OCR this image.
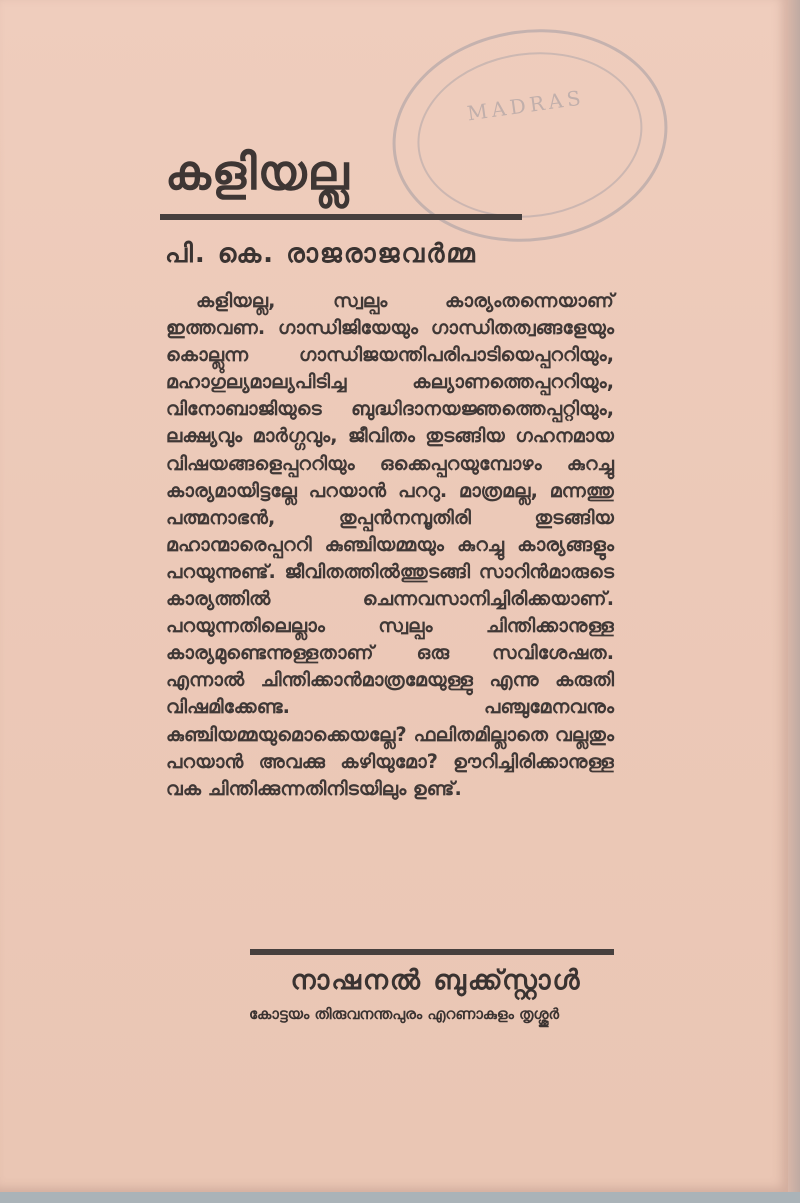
MADRAS
കളിയല്ല
പി. കെ. രാജരാജവർമ്മ

കളിയല്ല, സ്വല്പം കാര്യംതന്നെയാണ് ഇത്തവണ. ഗാന്ധിജിയേയും ഗാന്ധിതത്വങ്ങളേയും കൊല്ലുന്ന ഗാന്ധിജയന്തിപരിപാടിയെപ്പററിയും, മഹാഗുല്യമാല്യപിടിച്ച കല്യാണത്തെപ്പററിയും, വിനോബാജിയുടെ ബുദ്ധിദാനയജ്ഞത്തെപ്പറ്റിയും, ലക്ഷ്യവും മാർഗ്ഗവും, ജീവിതം തുടങ്ങിയ ഗഹനമായ വിഷയങ്ങളെപ്പററിയും ഒക്കെപ്പറയുമ്പോഴം കുറച്ചു കാര്യമായിട്ടല്ലേ പറയാൻ പററു. മാത്രമല്ല, മന്നത്തു പത്മനാഭൻ, തുപ്പൻനമ്പൂതിരി തുടങ്ങിയ മഹാന്മാരെപ്പററി കുഞ്ചിയമ്മയും കുറച്ചു കാര്യങ്ങളും പറയുന്നുണ്ട്. ജീവിതത്തിൽത്തുടങ്ങി സാറിൻമാരുടെ കാര്യത്തിൽ ചെന്നവസാനിച്ചിരിക്കയാണ്. പറയുന്നതിലെല്ലാം സ്വല്പം ചിന്തിക്കാനുള്ള കാര്യമുണ്ടെന്നുള്ളതാണ് ഒരു സവിശേഷത. എന്നാൽ ചിന്തിക്കാൻമാത്രമേയുള്ളു എന്നു കരുതി വിഷമിക്കേണ്ട. പഞ്ചുമേനവനും കുഞ്ചിയമ്മയുമൊക്കെയല്ലേ? ഫലിതമില്ലാതെ വല്ലതും പറയാൻ അവക്കു കഴിയുമോ? ഊറിച്ചിരിക്കാനുള്ള വക ചിന്തിക്കുന്നതിനിടയിലും ഉണ്ട്.

നാഷനൽ ബുക്ക്സ്റ്റാൾ
കോട്ടയം തിരുവനന്തപുരം എറണാകുളം തൃശ്ശൂർ
